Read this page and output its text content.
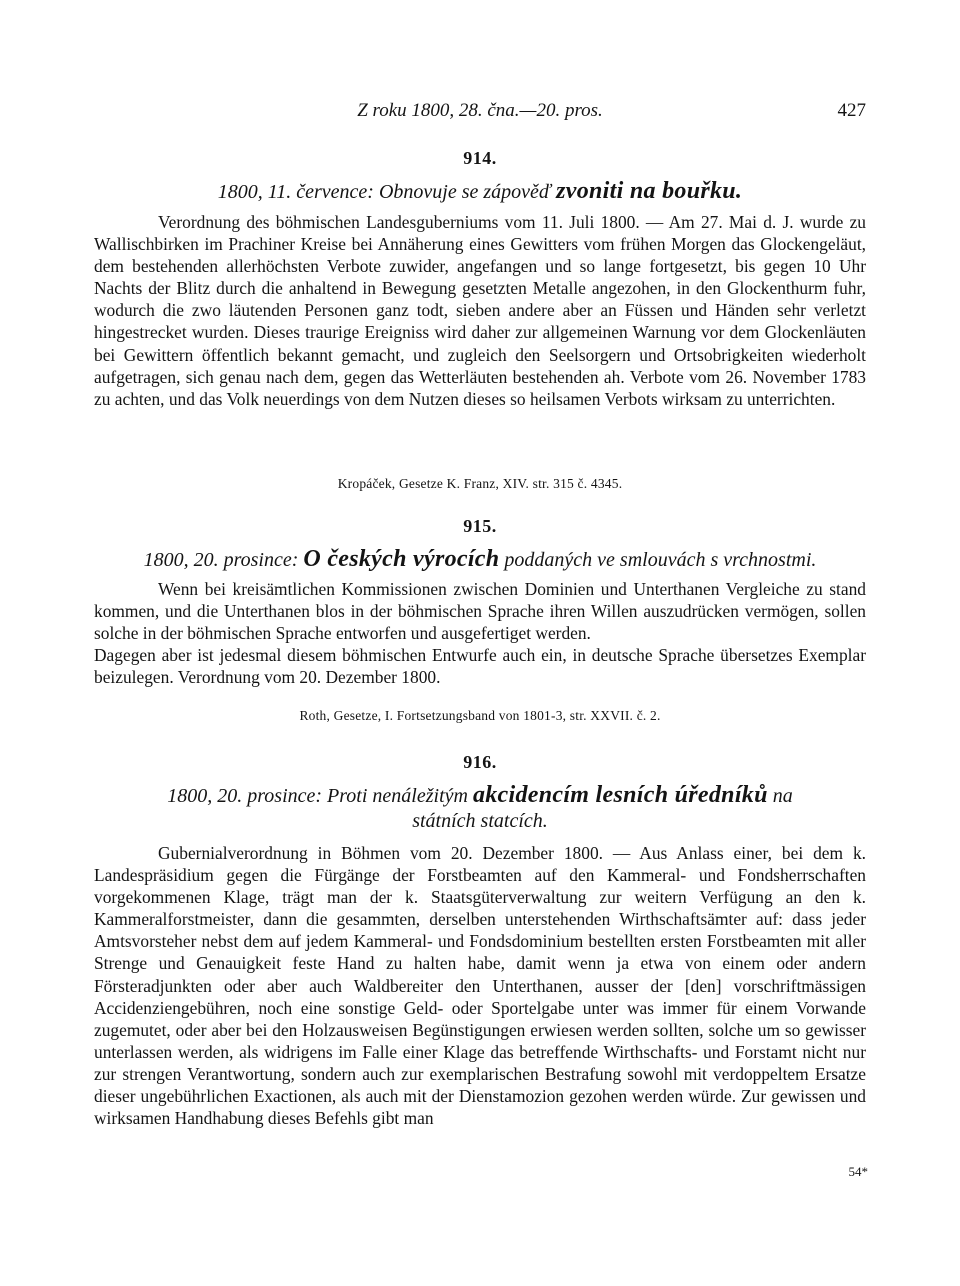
Z roku 1800, 28. čna.—20. pros.	427
914.
1800, 11. července: Obnovuje se zápověď zvoniti na bouřku.

Verordnung des böhmischen Landesguberniums vom 11. Juli 1800. — Am 27. Mai d. J. wurde zu Wallischbirken im Prachiner Kreise bei Annäherung eines Gewitters vom frühen Morgen das Glockengeläut, dem bestehenden allerhöchsten Verbote zuwider, angefangen und so lange fortgesetzt, bis gegen 10 Uhr Nachts der Blitz durch die anhaltend in Bewegung gesetzten Metalle angezohen, in den Glockenthurm fuhr, wodurch die zwo läutenden Personen ganz todt, sieben andere aber an Füssen und Händen sehr verletzt hingestrecket wurden. Dieses traurige Ereigniss wird daher zur allgemeinen Warnung vor dem Glockenläuten bei Gewittern öffentlich bekannt gemacht, und zugleich den Seelsorgern und Ortsobrigkeiten wiederholt aufgetragen, sich genau nach dem, gegen das Wetterläuten bestehenden ah. Verbote vom 26. November 1783 zu achten, und das Volk neuerdings von dem Nutzen dieses so heilsamen Verbots wirksam zu unterrichten.

Kropáček, Gesetze K. Franz, XIV. str. 315 č. 4345.
915.
1800, 20. prosince: O českých výrocích poddaných ve smlouvách s vrchnostmi.

Wenn bei kreisämtlichen Kommissionen zwischen Dominien und Unterthanen Vergleiche zu stand kommen, und die Unterthanen blos in der böhmischen Sprache ihren Willen auszudrücken vermögen, sollen solche in der böhmischen Sprache entworfen und ausgefertiget werden.

Dagegen aber ist jedesmal diesem böhmischen Entwurfe auch ein, in deutsche Sprache übersetzes Exemplar beizulegen. Verordnung vom 20. Dezember 1800.

Roth, Gesetze, I. Fortsetzungsband von 1801-3, str. XXVII. č. 2.
916.
1800, 20. prosince: Proti nenáležitým akcidencím lesních úředníků na
státních statcích.

Gubernialverordnung in Böhmen vom 20. Dezember 1800. — Aus Anlass einer, bei dem k. Landespräsidium gegen die Fürgänge der Forstbeamten auf den Kammeral- und Fondsherrschaften vorgekommenen Klage, trägt man der k. Staatsgüterverwaltung zur weitern Verfügung an den k. Kammeralforstmeister, dann die gesammten, derselben unterstehenden Wirthschaftsämter auf: dass jeder Amtsvorsteher nebst dem auf jedem Kammeral- und Fondsdominium bestellten ersten Forstbeamten mit aller Strenge und Genauigkeit feste Hand zu halten habe, damit wenn ja etwa von einem oder andern Försteradjunkten oder aber auch Waldbereiter den Unterthanen, ausser der [den] vorschriftmässigen Accidenziengebühren, noch eine sonstige Geld- oder Sportelgabe unter was immer für einem Vorwande zugemutet, oder aber bei den Holzausweisen Begünstigungen erwiesen werden sollten, solche um so gewisser unterlassen werden, als widrigens im Falle einer Klage das betreffende Wirthschafts- und Forstamt nicht nur zur strengen Verantwortung, sondern auch zur exemplarischen Bestrafung sowohl mit verdoppeltem Ersatze dieser ungebührlichen Exactionen, als auch mit der Dienstamozion gezohen werden würde. Zur gewissen und wirksamen Handhabung dieses Befehls gibt man

54*
